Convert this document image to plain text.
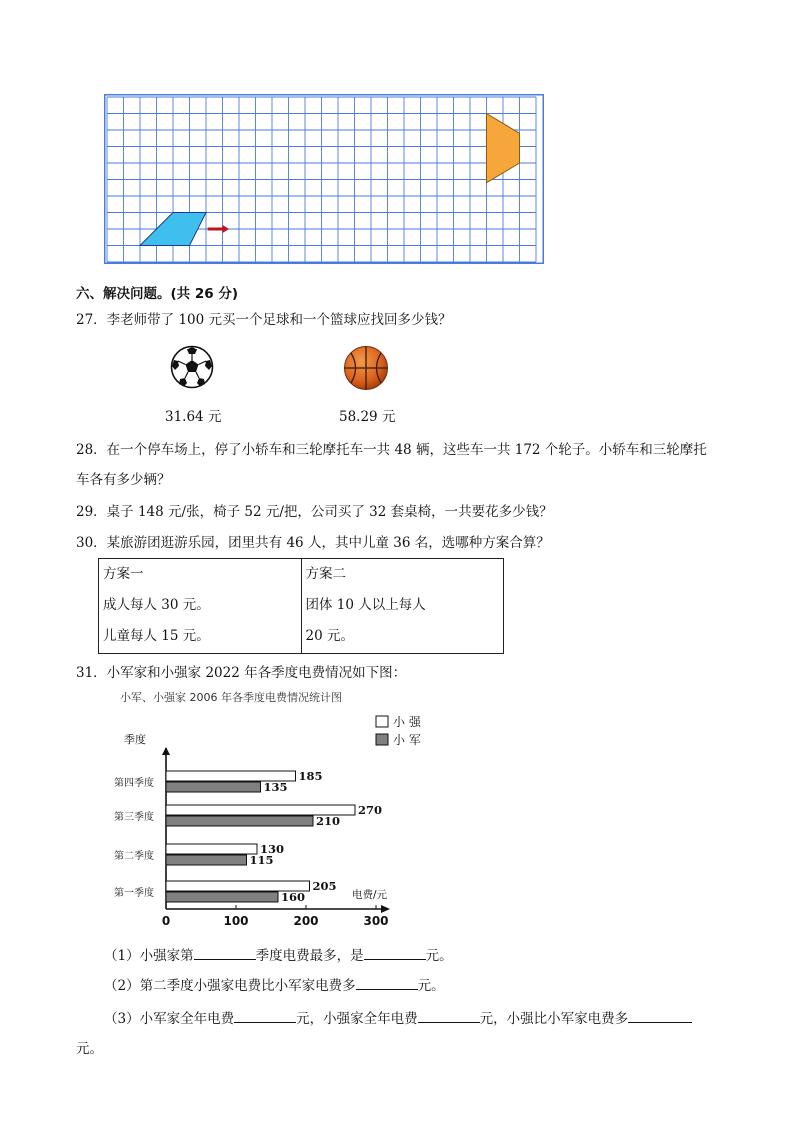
六、解决问题。(共 26 分)
27．李老师带了 100 元买一个足球和一个篮球应找回多少钱？
31.64 元	58.29 元
28．在一个停车场上，停了小轿车和三轮摩托车一共 48 辆，这些车一共 172 个轮子。小轿车和三轮摩托
车各有多少辆？
29．桌子 148 元/张，椅子 52 元/把，公司买了 32 套桌椅，一共要花多少钱？
30．某旅游团逛游乐园，团里共有 46 人，其中儿童 36 名，选哪种方案合算？
方案一
成人每人 30 元。
儿童每人 15 元。

方案二
团体 10 人以上每人
20 元。
31．小军家和小强家 2022 年各季度电费情况如下图：
小军、小强家 2006 年各季度电费情况统计图
季度
电费/元
0	100	200	300
第四季度
185
135
第三季度
270
210
第二季度
130
115
第一季度
205
160
小 强
小 军
（1）小强家第	季度电费最多，是	元。
（2）第二季度小强家电费比小军家电费多	元。
（3）小军家全年电费	元，小强家全年电费	元，小强比小军家电费多
元。
